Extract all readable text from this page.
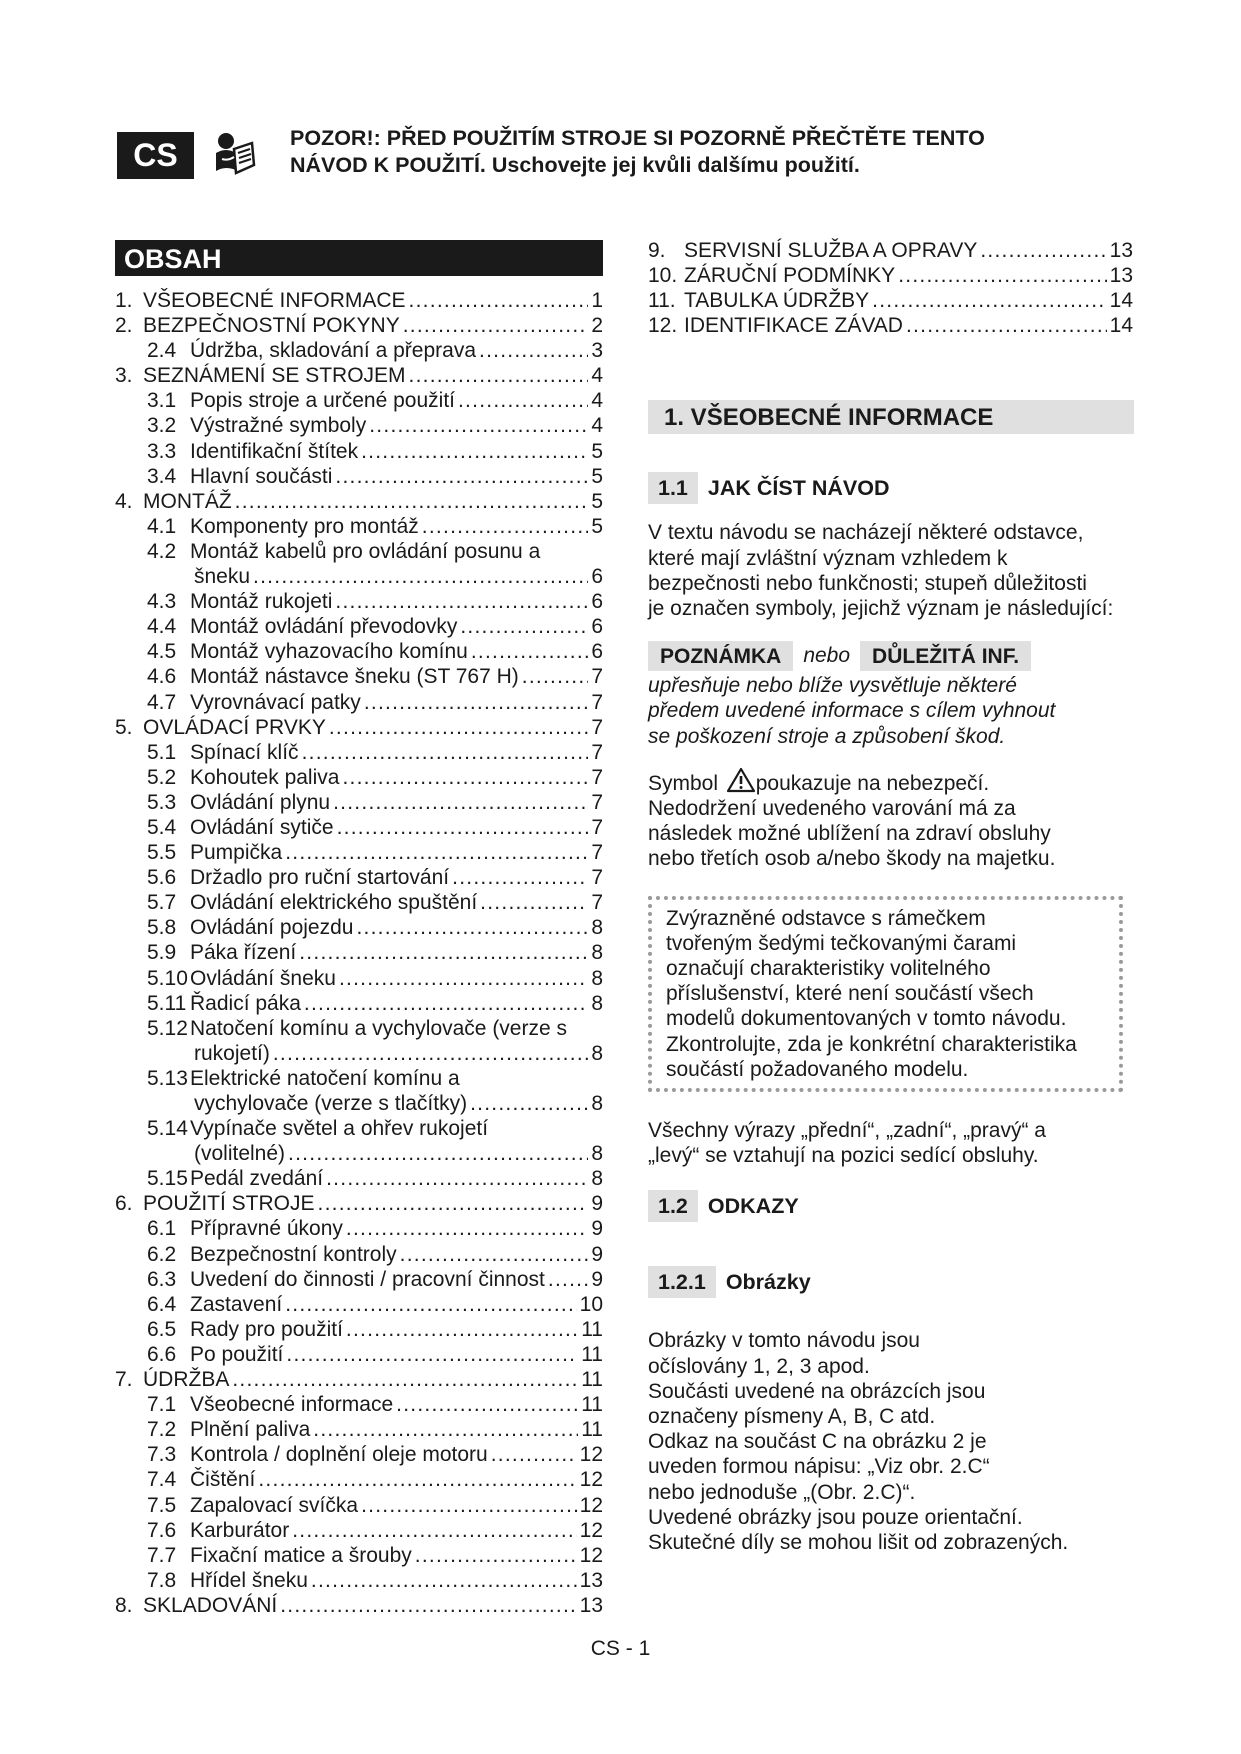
CS	POZOR!: PŘED POUŽITÍM STROJE SI POZORNĚ PŘEČTĚTE TENTO
NÁVOD K POUŽITÍ. Uschovejte jej kvůli dalšímu použití.
OBSAH
1. VŠEOBECNÉ INFORMACE . . .	1
2. BEZPEČNOSTNÍ POKYNY . . .	2
2.4 Údržba, skladování a přeprava . . .	3
3. SEZNÁMENÍ SE STROJEM . . .	4
3.1 Popis stroje a určené použití . . .	4
3.2 Výstražné symboly . . .	4
3.3 Identifikační štítek . . .	5
3.4 Hlavní součásti . . .	5
4. MONTÁŽ . . .	5
4.1 Komponenty pro montáž . . .	5
4.2 Montáž kabelů pro ovládání posunu a
šneku . . .	6
4.3 Montáž rukojeti . . .	6
4.4 Montáž ovládání převodovky . . .	6
4.5 Montáž vyhazovacího komínu . . .	6
4.6 Montáž nástavce šneku (ST 767 H) . . .	7
4.7 Vyrovnávací patky . . .	7
5. OVLÁDACÍ PRVKY . . .	7
5.1 Spínací klíč . . .	7
5.2 Kohoutek paliva . . .	7
5.3 Ovládání plynu . . .	7
5.4 Ovládání sytiče . . .	7
5.5 Pumpička . . .	7
5.6 Držadlo pro ruční startování . . .	7
5.7 Ovládání elektrického spuštění . . .	7
5.8 Ovládání pojezdu . . .	8
5.9 Páka řízení . . .	8
5.10 Ovládání šneku . . .	8
5.11 Řadicí páka . . .	8
5.12 Natočení komínu a vychylovače (verze s
rukojetí) . . .	8
5.13 Elektrické natočení komínu a
vychylovače (verze s tlačítky) . . .	8
5.14 Vypínače světel a ohřev rukojetí
(volitelné) . . .	8
5.15 Pedál zvedání . . .	8
6. POUŽITÍ STROJE . . .	9
6.1 Přípravné úkony . . .	9
6.2 Bezpečnostní kontroly . . .	9
6.3 Uvedení do činnosti / pracovní činnost . . . 9
6.4 Zastavení . . .	10
6.5 Rady pro použití . . .	11
6.6 Po použití . . .	11
7. ÚDRŽBA . . .	11
7.1 Všeobecné informace . . .	11
7.2 Plnění paliva . . .	11
7.3 Kontrola / doplnění oleje motoru . . .	12
7.4 Čištění . . .	12
7.5 Zapalovací svíčka . . .	12
7.6 Karburátor . . .	12
7.7 Fixační matice a šrouby . . .	12
7.8 Hřídel šneku . . .	13
8. SKLADOVÁNÍ . . .	13
9. SERVISNÍ SLUŽBA A OPRAVY . . .	13
10. ZÁRUČNÍ PODMÍNKY . . .	13
11. TABULKA ÚDRŽBY . . .	14
12. IDENTIFIKACE ZÁVAD . . .	14
1. VŠEOBECNÉ INFORMACE
1.1 JAK ČÍST NÁVOD

V textu návodu se nacházejí některé odstavce,

které mají zvláštní význam vzhledem k

bezpečnosti nebo funkčnosti; stupeň důležitosti

je označen symboly, jejichž význam je následující:

POZNÁMKA	nebo	DŮLEŽITÁ INF.
upřesňuje nebo blíže vysvětluje některé
předem uvedené informace s cílem vyhnout
se poškození stroje a způsobení škod.
Symbol poukazuje na nebezpečí.
Nedodržení uvedeného varování má za
následek možné ublížení na zdraví obsluhy
nebo třetích osob a/nebo škody na majetku.

Zvýrazněné odstavce s rámečkem

tvořeným šedými tečkovanými čarami

označují charakteristiky volitelného

příslušenství, které není součástí všech

modelů dokumentovaných v tomto návodu.

Zkontrolujte, zda je konkrétní charakteristika

součástí požadovaného modelu.

Všechny výrazy „přední“, „zadní“, „pravý“ a

„levý“ se vztahují na pozici sedící obsluhy.

1.2 ODKAZY
1.2.1 Obrázky

Obrázky v tomto návodu jsou

očíslovány 1, 2, 3 apod.

Součásti uvedené na obrázcích jsou

označeny písmeny A, B, C atd.

Odkaz na součást C na obrázku 2 je

uveden formou nápisu: „Viz obr. 2.C“

nebo jednoduše „(Obr. 2.C)“.

Uvedené obrázky jsou pouze orientační.

Skutečné díly se mohou lišit od zobrazených.

CS - 1
